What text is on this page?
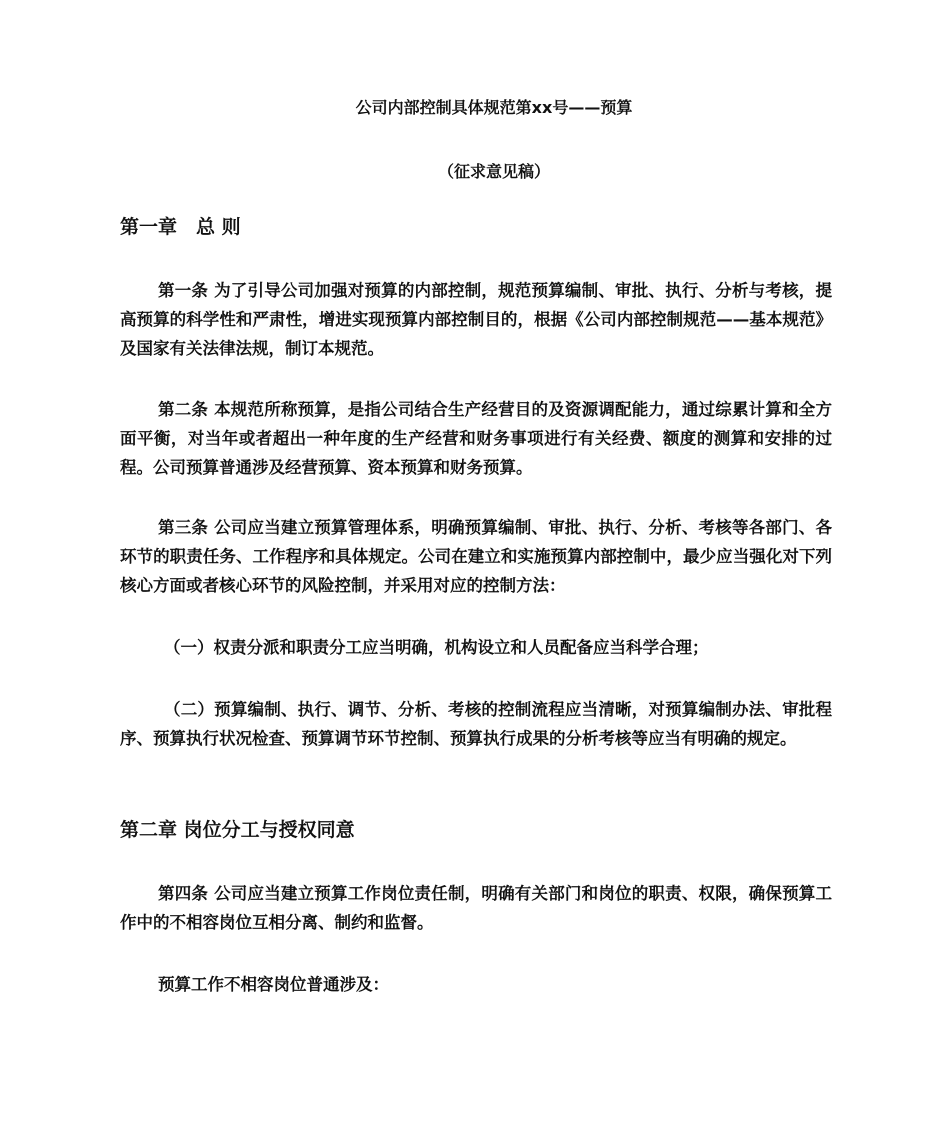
公司内部控制具体规范第xx号——预算
（征求意见稿）
第一章　总 则
第一条 为了引导公司加强对预算的内部控制，规范预算编制、审批、执行、分析与考核，提高预算的科学性和严肃性，增进实现预算内部控制目的，根据《公司内部控制规范——基本规范》及国家有关法律法规，制订本规范。
第二条 本规范所称预算，是指公司结合生产经营目的及资源调配能力，通过综累计算和全方面平衡，对当年或者超出一种年度的生产经营和财务事项进行有关经费、额度的测算和安排的过程。公司预算普通涉及经营预算、资本预算和财务预算。
第三条 公司应当建立预算管理体系，明确预算编制、审批、执行、分析、考核等各部门、各环节的职责任务、工作程序和具体规定。公司在建立和实施预算内部控制中，最少应当强化对下列核心方面或者核心环节的风险控制，并采用对应的控制方法：
（一）权责分派和职责分工应当明确，机构设立和人员配备应当科学合理；
（二）预算编制、执行、调节、分析、考核的控制流程应当清晰，对预算编制办法、审批程序、预算执行状况检查、预算调节环节控制、预算执行成果的分析考核等应当有明确的规定。
第二章 岗位分工与授权同意
第四条 公司应当建立预算工作岗位责任制，明确有关部门和岗位的职责、权限，确保预算工作中的不相容岗位互相分离、制约和监督。
预算工作不相容岗位普通涉及：
